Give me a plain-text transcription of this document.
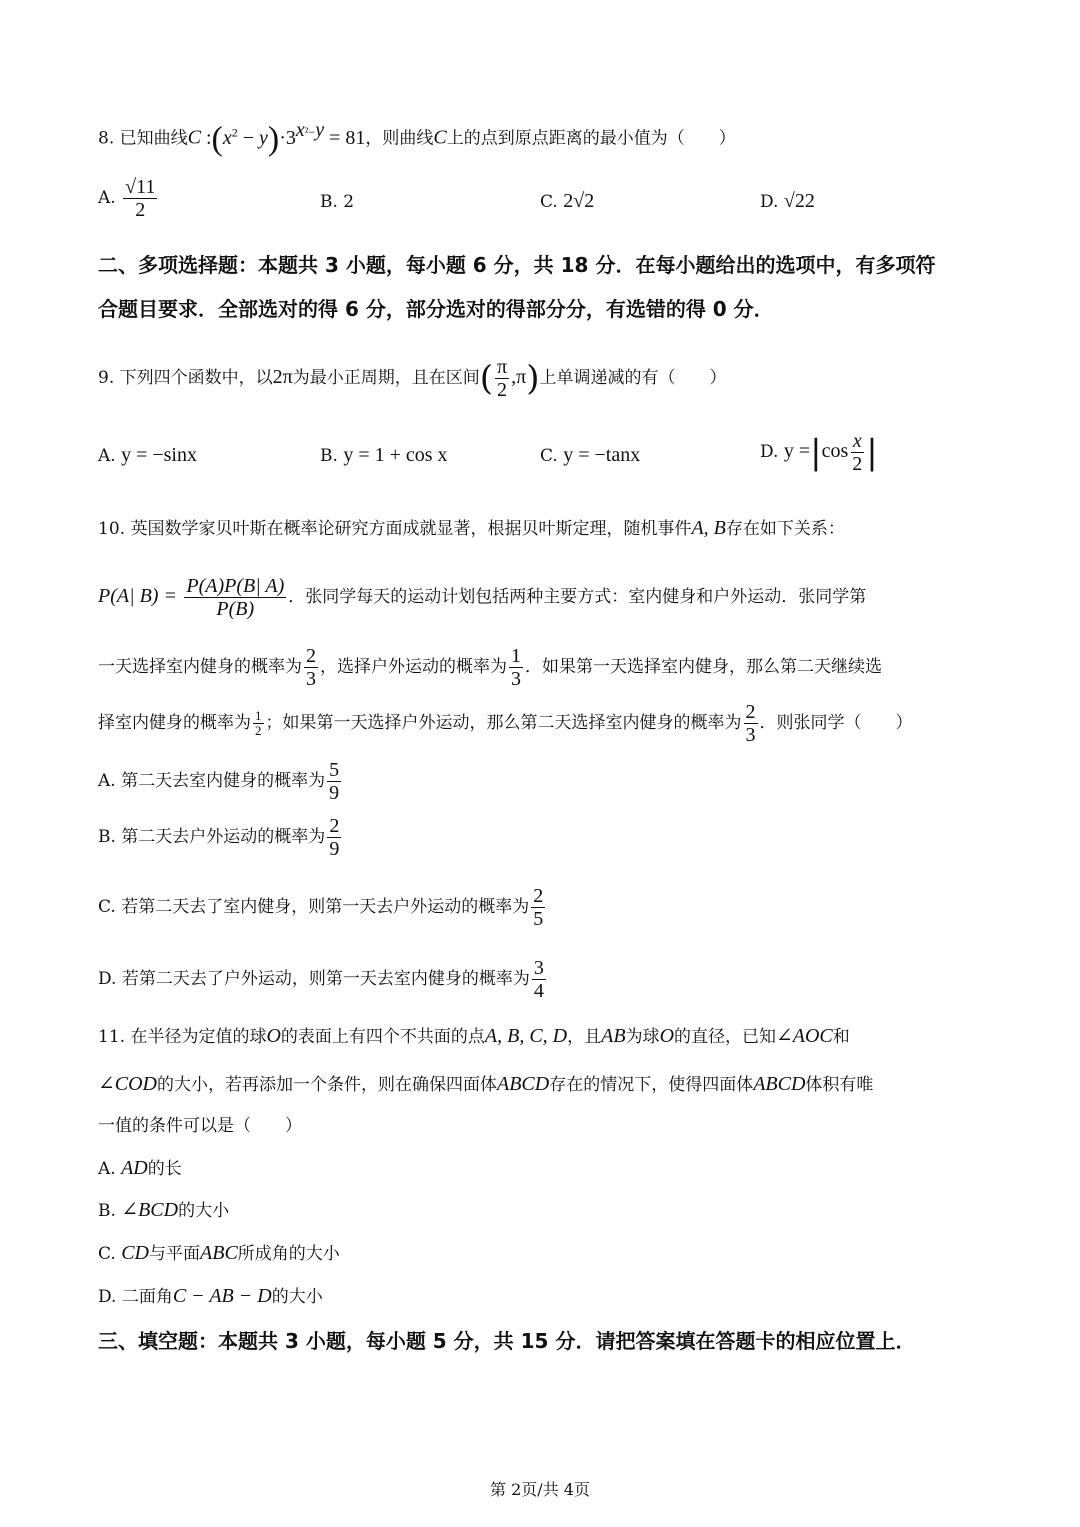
8. 已知曲线C $:(x^2 - y)\cdot 3^{x^2-y} = 81$，则曲线C上的点到原点距离的最小值为（　　）
A. $\frac{√11}{2}$	B. 2	C. 2√2	D. √22
二、多项选择题：本题共 3 小题，每小题 6 分，共 18 分．在每小题给出的选项中，有多项符
合题目要求．全部选对的得 6 分，部分选对的得部分分，有选错的得 0 分．
9. 下列四个函数中，以2π为最小正周期，且在区间( $\frac{\pi}{2} ,\pi$)上单调递减的有（　　）
A. y = −sinx	B. y = 1 + cos x	C. y = −tanx	D. $y =|\cos \frac{x}{2}$ |
10. 英国数学家贝叶斯在概率论研究方面成就显著，根据贝叶斯定理，随机事件A, B存在如下关系：
P(A| $B) = \frac{P(A)P(B| A)}{P(B)}$ ．张同学每天的运动计划包括两种主要方式：室内健身和户外运动．张同学第
一天选择室内健身的概率为 $\frac{2}{3}$ ，选择户外运动的概率为 $\frac{1}{3}$ ．如果第一天选择室内健身，那么第二天继续选
择室内健身的概率为 $\frac{1}{2}$ ；如果第一天选择户外运动，那么第二天选择室内健身的概率为 $\frac{2}{3}$ ．则张同学（　　）
A. 第二天去室内健身的概率为 $\frac{5}{9}$
B. 第二天去户外运动的概率为 $\frac{2}{9}$
C. 若第二天去了室内健身，则第一天去户外运动的概率为 $\frac{2}{5}$
D. 若第二天去了户外运动，则第一天去室内健身的概率为 $\frac{3}{4}$
11. 在半径为定值的球O的表面上有四个不共面的点A, B, C, D，且AB为球O的直径，已知∠AOC和
∠COD的大小，若再添加一个条件，则在确保四面体ABCD存在的情况下，使得四面体ABCD体积有唯
一值的条件可以是（　　）
A. AD的长
B. ∠BCD的大小
C. CD与平面ABC所成角的大小
D. 二面角C − AB − D的大小
三、填空题：本题共 3 小题，每小题 5 分，共 15 分．请把答案填在答题卡的相应位置上．
第 2页/共 4页
